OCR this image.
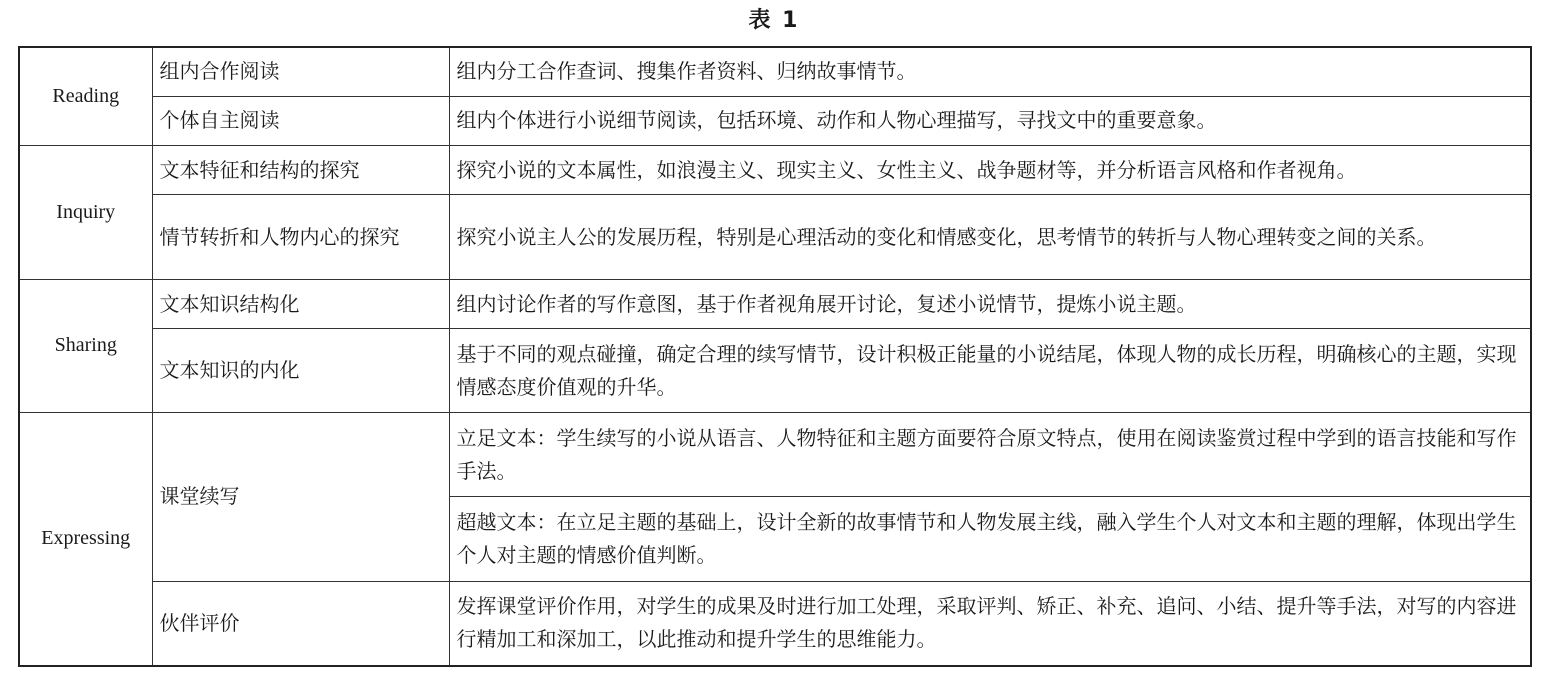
表 1
Reading	组内合作阅读	组内分工合作查词、搜集作者资料、归纳故事情节。
	个体自主阅读	组内个体进行小说细节阅读，包括环境、动作和人物心理描写，寻找文中的重要意象。
Inquiry	文本特征和结构的探究	探究小说的文本属性，如浪漫主义、现实主义、女性主义、战争题材等，并分析语言风格和作者视角。
	情节转折和人物内心的探究	探究小说主人公的发展历程，特别是心理活动的变化和情感变化，思考情节的转折与人物心理转变之间的关系。
Sharing	文本知识结构化	组内讨论作者的写作意图，基于作者视角展开讨论，复述小说情节，提炼小说主题。
	文本知识的内化	基于不同的观点碰撞，确定合理的续写情节，设计积极正能量的小说结尾，体现人物的成长历程，明确核心的主题，实现情感态度价值观的升华。
Expressing	课堂续写	立足文本：学生续写的小说从语言、人物特征和主题方面要符合原文特点，使用在阅读鉴赏过程中学到的语言技能和写作手法。
		超越文本：在立足主题的基础上，设计全新的故事情节和人物发展主线，融入学生个人对文本和主题的理解，体现出学生个人对主题的情感价值判断。
	伙伴评价	发挥课堂评价作用，对学生的成果及时进行加工处理，采取评判、矫正、补充、追问、小结、提升等手法，对写的内容进行精加工和深加工，以此推动和提升学生的思维能力。
